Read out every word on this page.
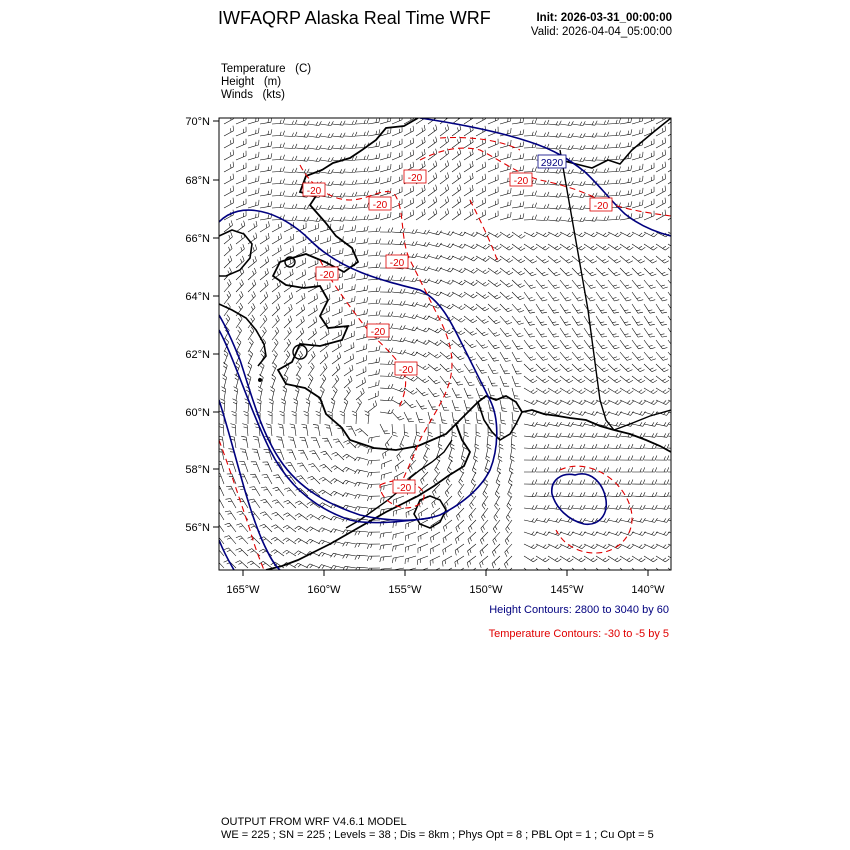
IWFAQRP Alaska Real Time WRF	Init: 2026-03-31_00:00:00
Valid: 2026-04-04_05:00:00
Temperature (C)
Height (m)
Winds (kts)
-20
-20
-20
-20
-20
-20
-20
-20
-20
-20
2920
70°N
68°N
66°N
64°N
62°N
60°N
58°N
56°N
165°W	160°W	155°W	150°W	145°W	140°W
Height Contours: 2800 to 3040 by 60
Temperature Contours: -30 to -5 by 5
OUTPUT FROM WRF V4.6.1 MODEL
WE = 225 ; SN = 225 ; Levels = 38 ; Dis = 8km ; Phys Opt = 8 ; PBL Opt = 1 ; Cu Opt = 5
